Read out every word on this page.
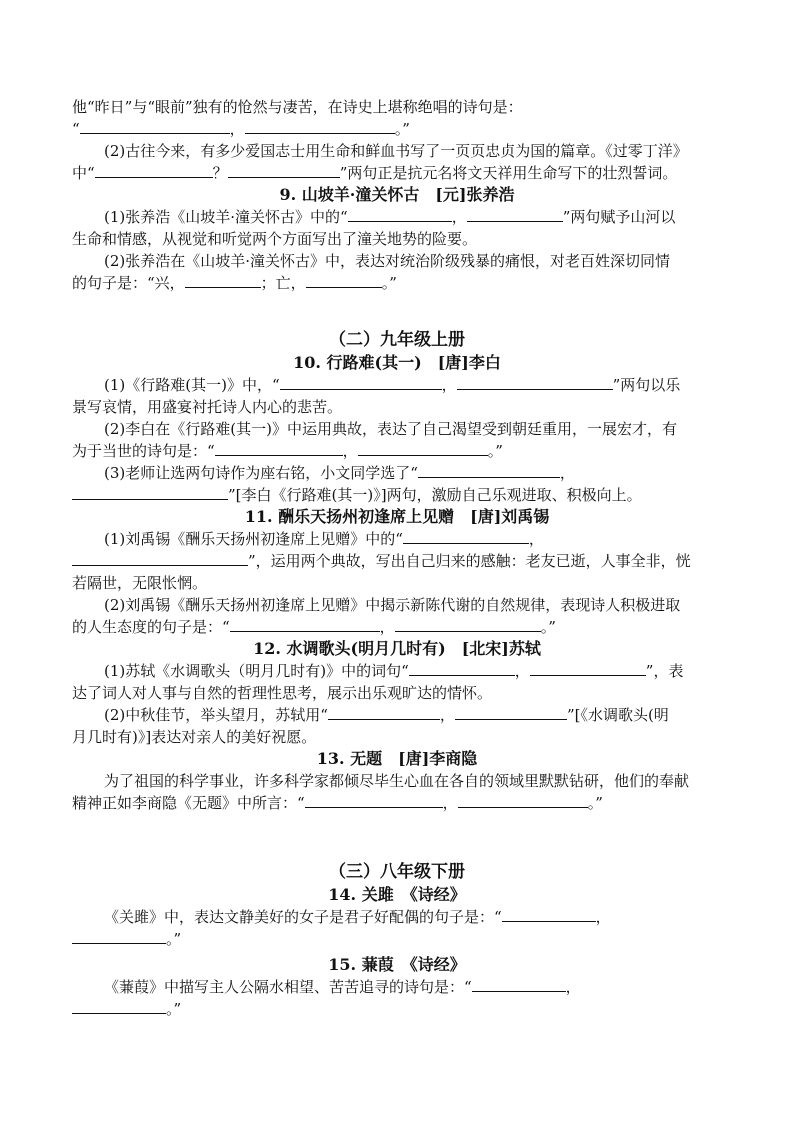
他“昨日”与“眼前”独有的怆然与凄苦，在诗史上堪称绝唱的诗句是：

“	，	。”

(2)古往今来，有多少爱国志士用生命和鲜血书写了一页页忠贞为国的篇章。《过零丁洋》

中“	？	”两句正是抗元名将文天祥用生命写下的壮烈誓词。

9. 山坡羊·潼关怀古　[元]张养浩

(1)张养浩《山坡羊·潼关怀古》中的“	，	”两句赋予山河以

生命和情感，从视觉和听觉两个方面写出了潼关地势的险要。

(2)张养浩在《山坡羊·潼关怀古》中，表达对统治阶级残暴的痛恨，对老百姓深切同情

的句子是：“兴，	；亡，	。”

（二）九年级上册
10. 行路难(其一)　[唐]李白

(1)《行路难(其一)》中，“	，	”两句以乐

景写哀情，用盛宴衬托诗人内心的悲苦。

(2)李白在《行路难(其一)》中运用典故，表达了自己渴望受到朝廷重用，一展宏才，有

为于当世的诗句是：“	，	。”

(3)老师让选两句诗作为座右铭，小文同学选了“	，

”[李白《行路难(其一)》]两句，激励自己乐观进取、积极向上。

11. 酬乐天扬州初逢席上见赠　[唐]刘禹锡

(1)刘禹锡《酬乐天扬州初逢席上见赠》中的“	，

”，运用两个典故，写出自己归来的感触：老友已逝，人事全非，恍

若隔世，无限怅惘。

(2)刘禹锡《酬乐天扬州初逢席上见赠》中揭示新陈代谢的自然规律，表现诗人积极进取

的人生态度的句子是：“	，	。”

12. 水调歌头(明月几时有)　[北宋]苏轼

(1)苏轼《水调歌头（明月几时有)》中的词句“	，	”，表

达了词人对人事与自然的哲理性思考，展示出乐观旷达的情怀。

(2)中秋佳节，举头望月，苏轼用“	，	”[《水调歌头(明

月几时有)》]表达对亲人的美好祝愿。

13. 无题　[唐]李商隐

为了祖国的科学事业，许多科学家都倾尽毕生心血在各自的领域里默默钻研，他们的奉献

精神正如李商隐《无题》中所言：“	，	。”

（三）八年级下册
14. 关雎　《诗经》

《关雎》中，表达文静美好的女子是君子好配偶的句子是：“	，

。”

15. 蒹葭　《诗经》

《蒹葭》中描写主人公隔水相望、苦苦追寻的诗句是：“	，

。”
